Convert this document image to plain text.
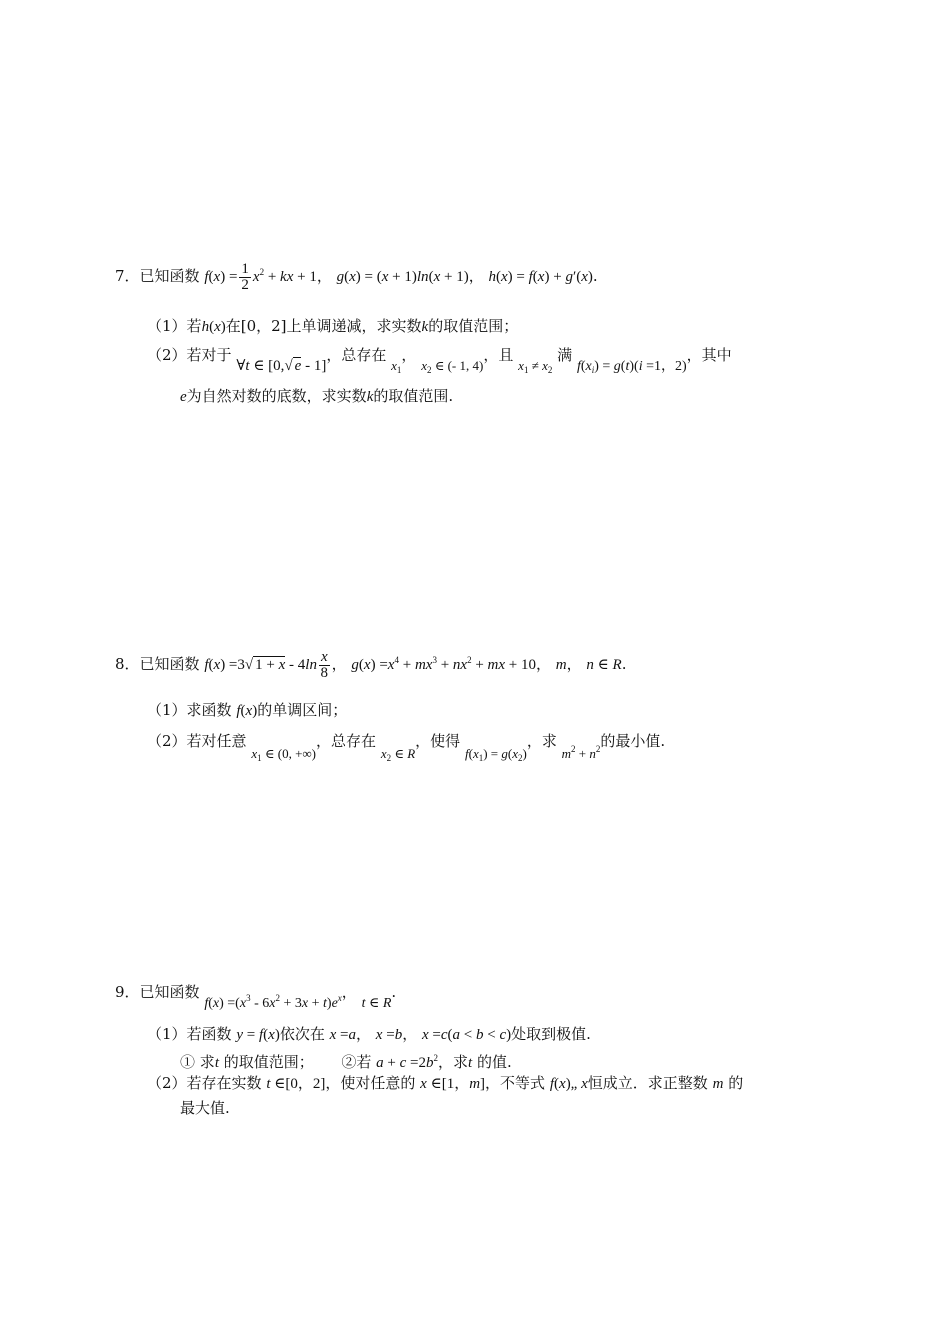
7．已知函数 $f(x) = \frac{1}{2} x^2$ + kx + 1， g(x) = (x + 1)ln(x + 1)， h(x) = f(x) + g′(x).
（1）若h(x)在[0，2]上单调递减，求实数k的取值范围；
（2）若对于 ∀t ∈ [0,√ e - 1]，总存在 $x_1$， $x_2$ ∈ (- 1, 4)，且 $x_1 \ne x_2$ 满 $f(x_i) = g(t)(i =1$，2)，其中
e为自然对数的底数，求实数k的取值范围.
8．已知函数 f(x) =3√ $1 + x - 4\ln \frac{x}{8}$ ， $g(x) =x^4 + mx^3 + nx^2$ + mx + 10， m， n ∈ R.
（1）求函数 f(x)的单调区间；
（2）若对任意 $x_1$ ∈ (0, +∞)，总存在 $x_2$ ∈ R，使得 $f(x_1) = g(x_2)$，求 $m^2 + n^2$的最小值.
9．已知函数 $f(x) =(x^3 - 6x^2 + 3x + t)e^x$， t ∈ R.
（1）若函数 y = f(x)依次在 x =a， x =b， x =c(a < b < c)处取到极值.
① 求t 的取值范围； ②若 $a + c =2b^2$，求t 的值.
（2）若存在实数 t ∈[0，2]，使对任意的 x ∈[1，m]，不等式 f(x)„ x恒成立．求正整数 m 的
最大值.
